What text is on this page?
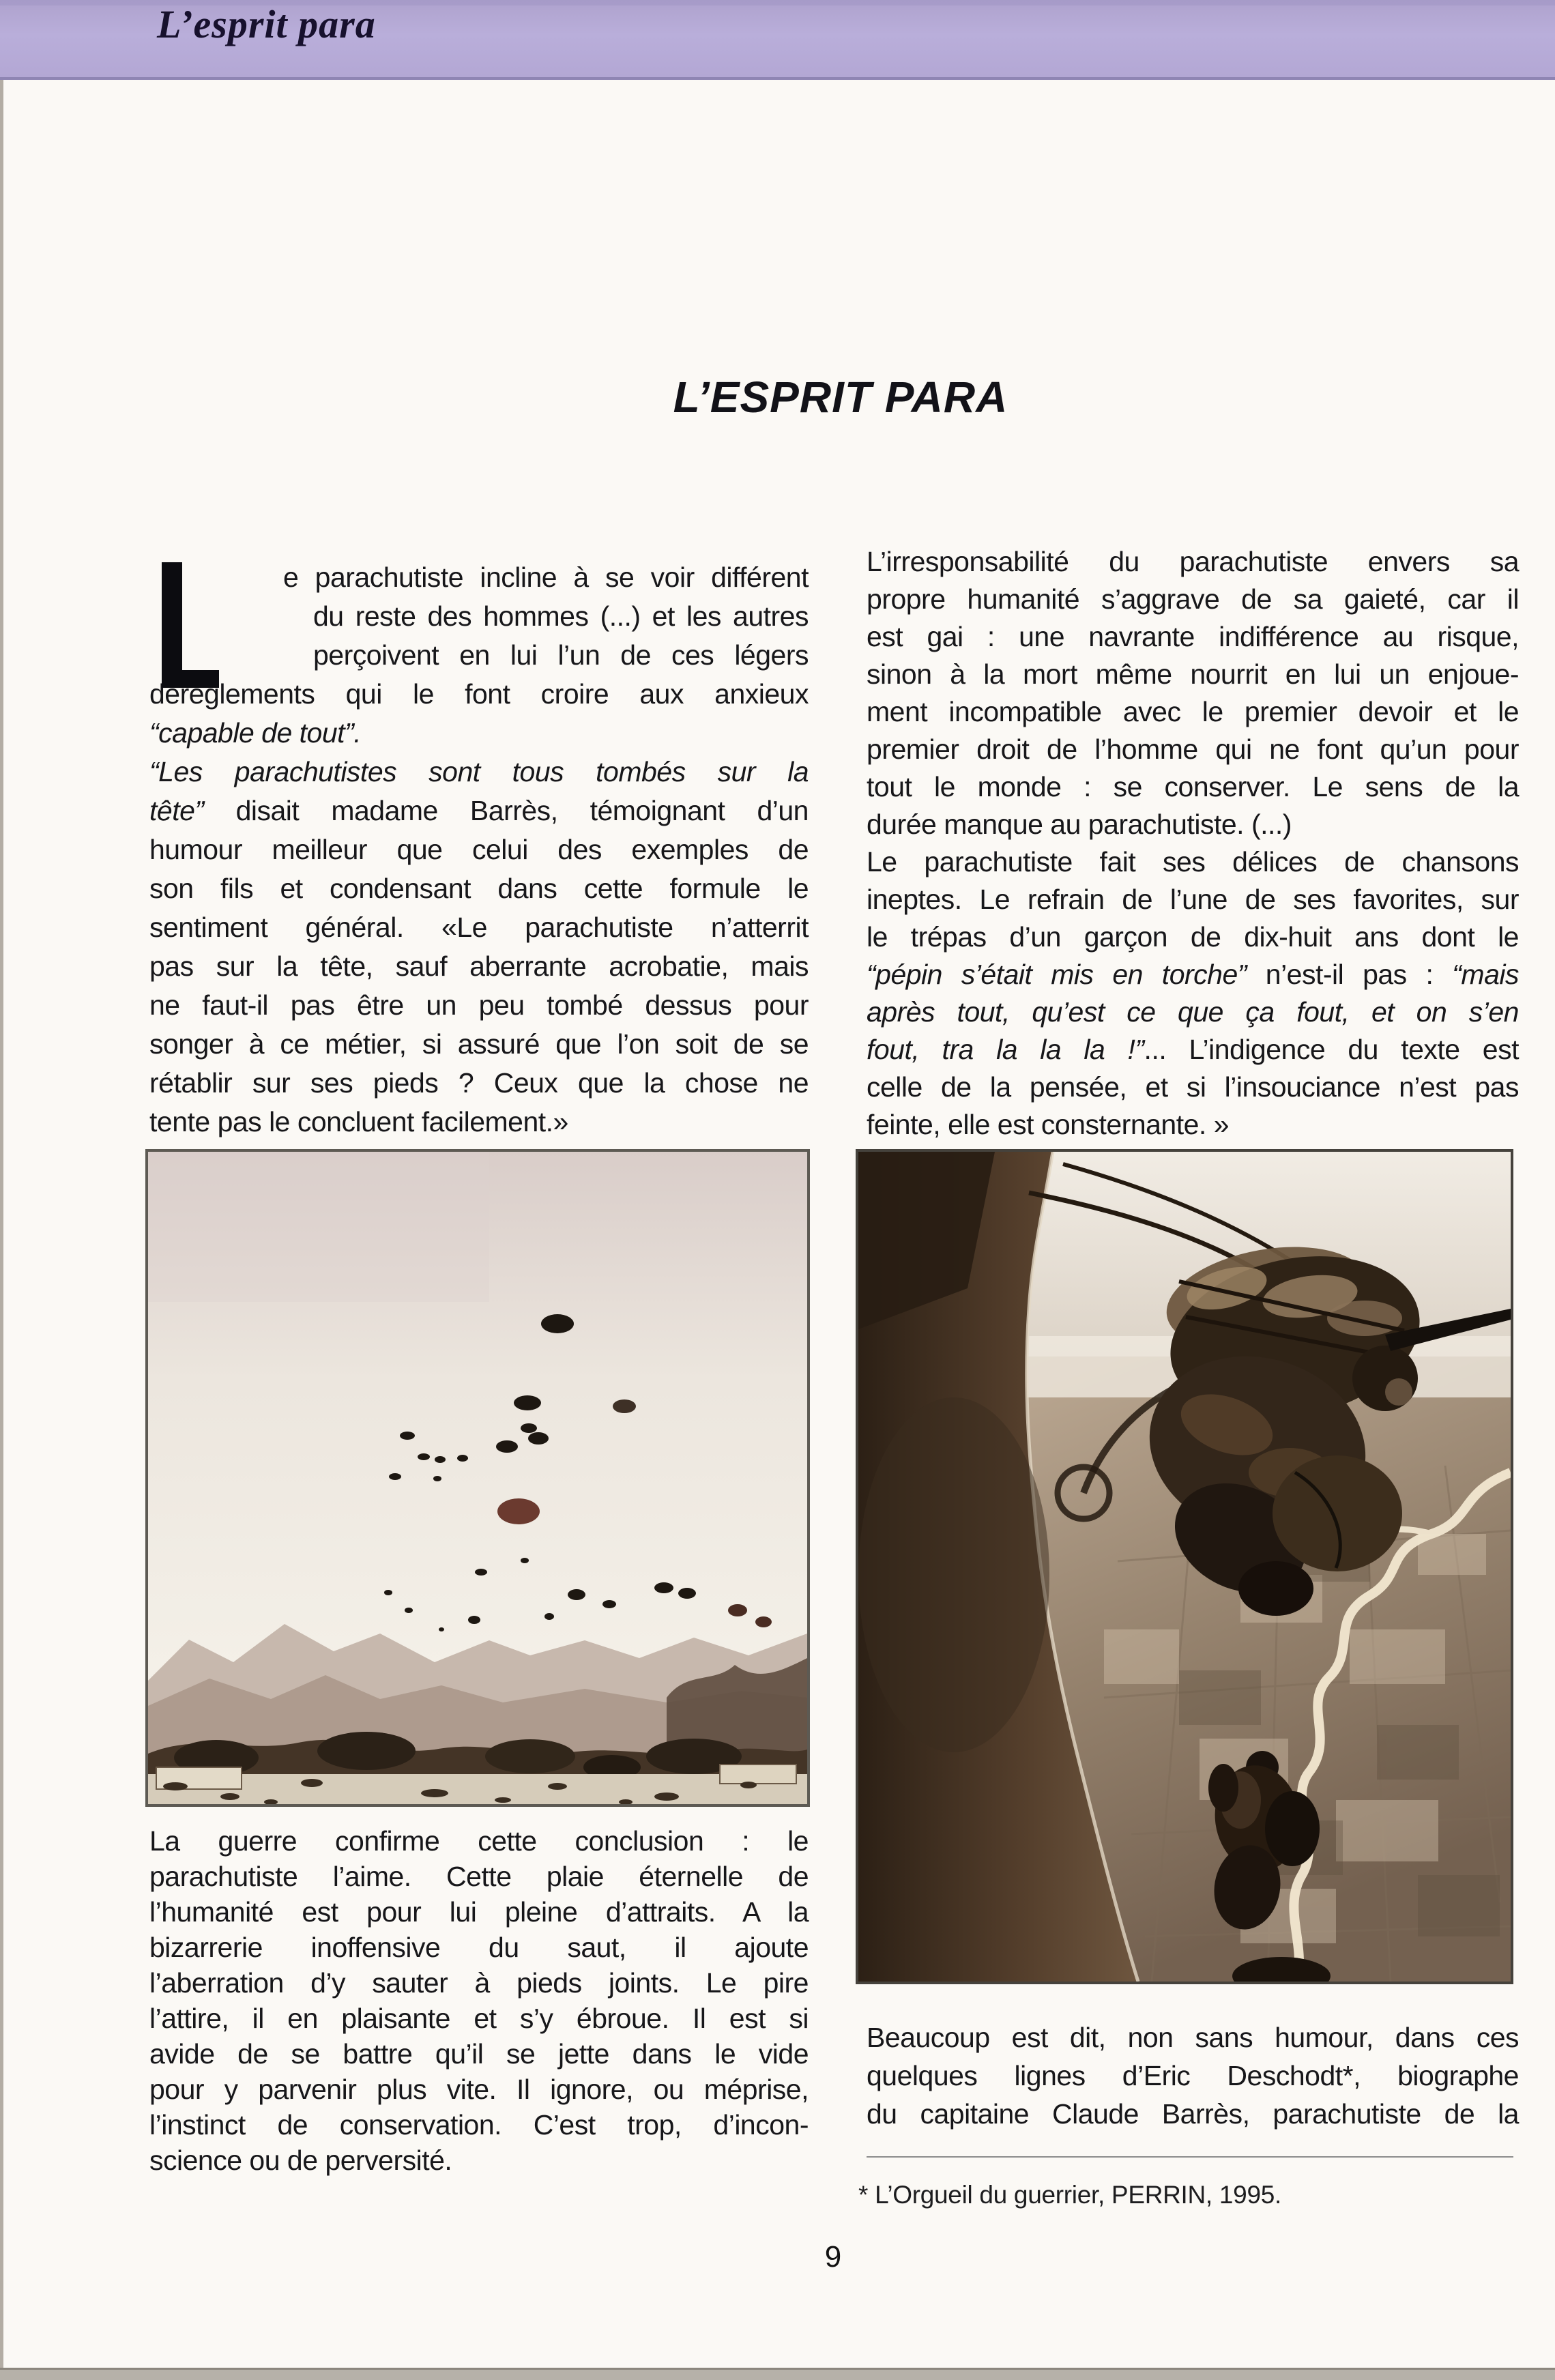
L’esprit para
L’ESPRIT PARA
e parachutiste incline à se voir différent
du reste des hommes (...) et les autres
perçoivent en lui l’un de ces légers
dérèglements qui le font croire aux anxieux
“capable de tout”.
“Les parachutistes sont tous tombés sur la
tête” disait madame Barrès, témoignant d’un
humour meilleur que celui des exemples de
son fils et condensant dans cette formule le
sentiment général. «Le parachutiste n’atterrit
pas sur la tête, sauf aberrante acrobatie, mais
ne faut-il pas être un peu tombé dessus pour
songer à ce métier, si assuré que l’on soit de se
rétablir sur ses pieds ? Ceux que la chose ne
tente pas le concluent facilement.»
L’irresponsabilité du parachutiste envers sa
propre humanité s’aggrave de sa gaieté, car il
est gai : une navrante indifférence au risque,
sinon à la mort même nourrit en lui un enjoue-
ment incompatible avec le premier devoir et le
premier droit de l’homme qui ne font qu’un pour
tout le monde : se conserver. Le sens de la
durée manque au parachutiste. (...)
Le parachutiste fait ses délices de chansons
ineptes. Le refrain de l’une de ses favorites, sur
le trépas d’un garçon de dix-huit ans dont le
“pépin s’était mis en torche” n’est-il pas : “mais
après tout, qu’est ce que ça fout, et on s’en
fout, tra la la la !”... L’indigence du texte est
celle de la pensée, et si l’insouciance n’est pas
feinte, elle est consternante. »
La guerre confirme cette conclusion : le
parachutiste l’aime. Cette plaie éternelle de
l’humanité est pour lui pleine d’attraits. A la
bizarrerie inoffensive du saut, il ajoute
l’aberration d’y sauter à pieds joints. Le pire
l’attire, il en plaisante et s’y ébroue. Il est si
avide de se battre qu’il se jette dans le vide
pour y parvenir plus vite. Il ignore, ou méprise,
l’instinct de conservation. C’est trop, d’incon-
science ou de perversité.
Beaucoup est dit, non sans humour, dans ces
quelques lignes d’Eric Deschodt*, biographe
du capitaine Claude Barrès, parachutiste de la
* L’Orgueil du guerrier, PERRIN, 1995.
9
